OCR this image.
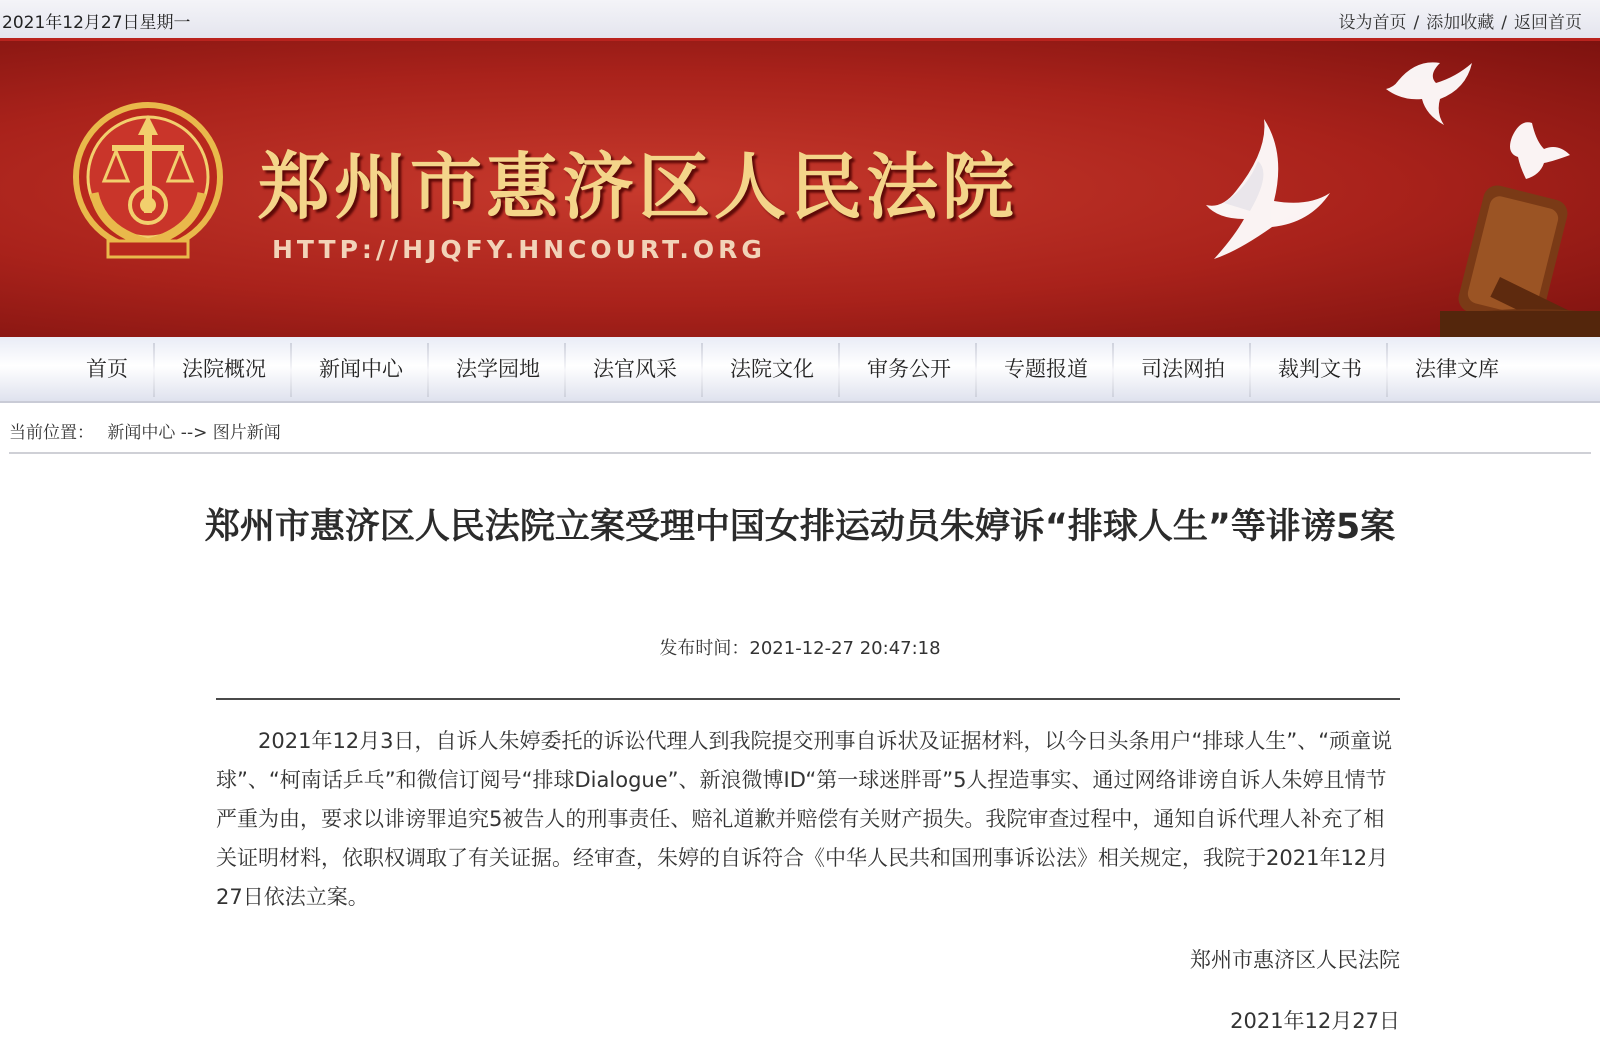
2021年12月27日星期一	设为首页 / 添加收藏 / 返回首页
郑州市惠济区人民法院
HTTP://HJQFY.HNCOURT.ORG
首页	法院概况	新闻中心	法学园地	法官风采	法院文化	审务公开	专题报道	司法网拍	裁判文书	法律文库
当前位置： 新闻中心 --> 图片新闻
郑州市惠济区人民法院立案受理中国女排运动员朱婷诉“排球人生”等诽谤5案
发布时间：2021-12-27 20:47:18
2021年12月3日，自诉人朱婷委托的诉讼代理人到我院提交刑事自诉状及证据材料，以今日头条用户“排球人生”、“顽童说球”、“柯南话乒乓”和微信订阅号“排球Dialogue”、新浪微博ID“第一球迷胖哥”5人捏造事实、通过网络诽谤自诉人朱婷且情节严重为由，要求以诽谤罪追究5被告人的刑事责任、赔礼道歉并赔偿有关财产损失。我院审查过程中，通知自诉代理人补充了相关证明材料，依职权调取了有关证据。经审查，朱婷的自诉符合《中华人民共和国刑事诉讼法》相关规定，我院于2021年12月27日依法立案。
郑州市惠济区人民法院
2021年12月27日
